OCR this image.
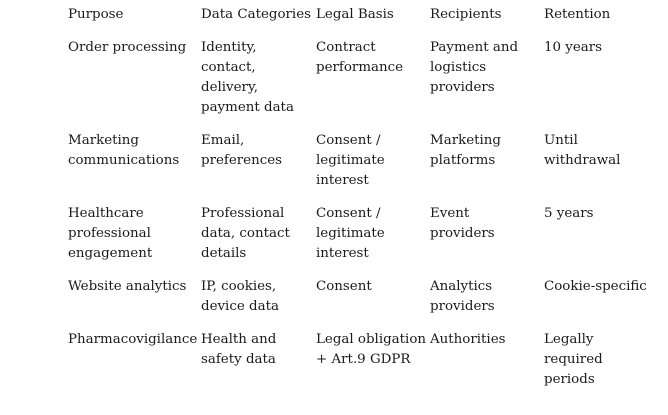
Purpose	Data Categories	Legal Basis	Recipients	Retention

Order processing	Identity,
contact,
delivery,
payment data	Contract
performance	Payment and
logistics
providers	10 years

Marketing
communications	Email,
preferences	Consent /
legitimate
interest	Marketing
platforms	Until
withdrawal

Healthcare
professional
engagement	Professional
data, contact
details	Consent /
legitimate
interest	Event
providers	5 years

Website analytics	IP, cookies,
device data	Consent	Analytics
providers	Cookie-specific

Pharmacovigilance	Health and
safety data	Legal obligation
+ Art.9 GDPR	Authorities	Legally
required
periods
